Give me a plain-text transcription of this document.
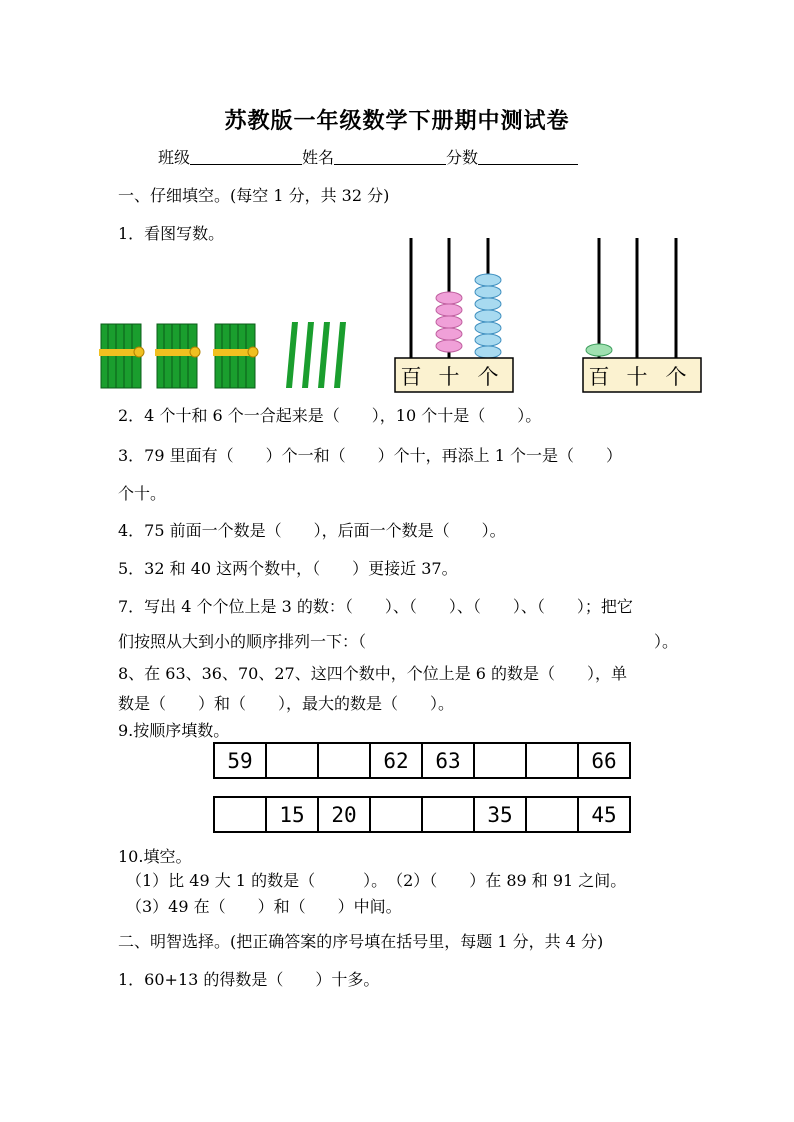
苏教版一年级数学下册期中测试卷
班级	姓名	分数
一、仔细填空。(每空 1 分，共 32 分)
1．看图写数。
百 十 个	百 十 个
2．4 个十和 6 个一合起来是（　　），10 个十是（　　）。
3．79 里面有（　　）个一和（　　）个十，再添上 1 个一是（　　）
个十。
4．75 前面一个数是（　　），后面一个数是（　　）。
5．32 和 40 这两个数中，（　　）更接近 37。
7．写出 4 个个位上是 3 的数：（　　）、（　　）、（　　）、（　　）；把它
们按照从大到小的顺序排列一下：（　　　　　　　　　　　　　　　　　　）。
8、在 63、36、70、27、这四个数中，个位上是 6 的数是（　　），单
数是（　　）和（　　），最大的数是（　　）。
9.按顺序填数。
59			62	63			66
	15	20			35		45
10.填空。
（1）比 49 大 1 的数是（　　　）。　（2）（　　）在 89 和 91 之间。
（3）49 在（　　）和（　　）中间。
二、明智选择。(把正确答案的序号填在括号里，每题 1 分，共 4 分)
1．60+13 的得数是（　　）十多。
